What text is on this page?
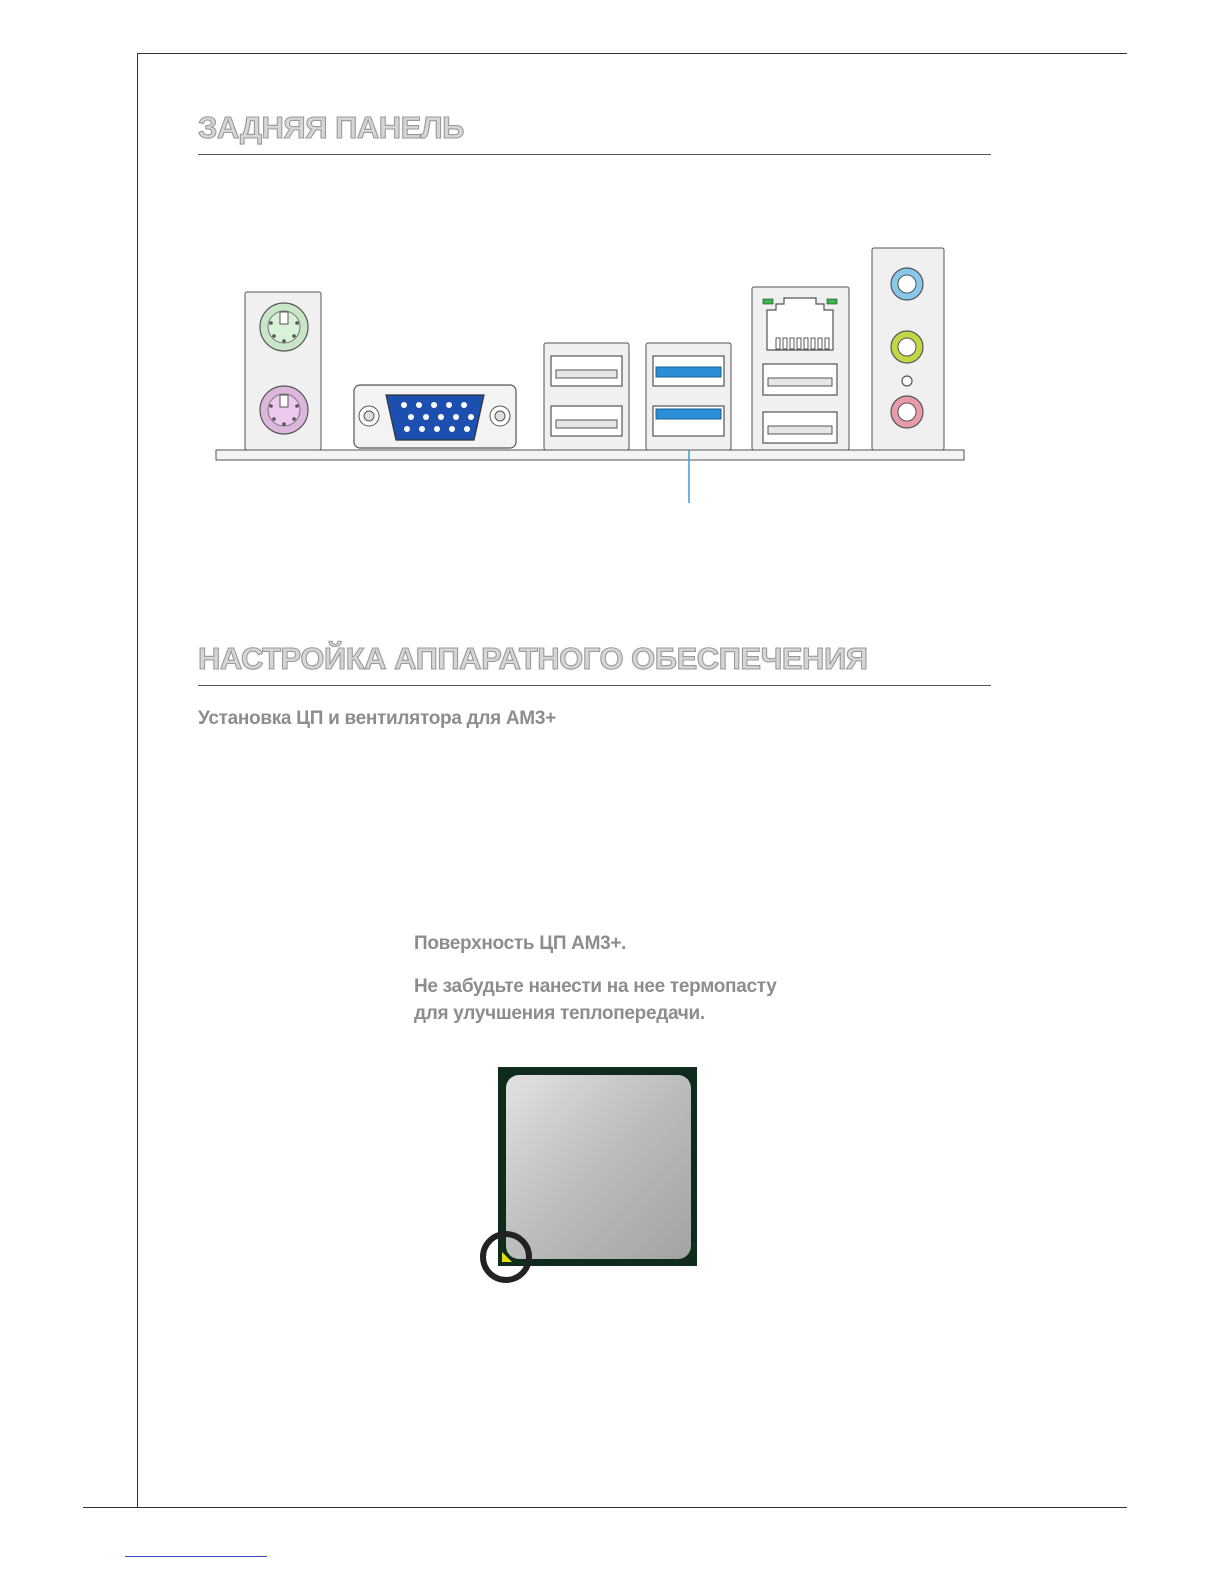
ЗАДНЯЯ ПАНЕЛЬ
НАСТРОЙКА АППАРАТНОГО ОБЕСПЕЧЕНИЯ
Установка ЦП и вентилятора для AM3+

Поверхность ЦП AM3+.

Не забудьте нанести на нее термопасту
для улучшения теплопередачи.
